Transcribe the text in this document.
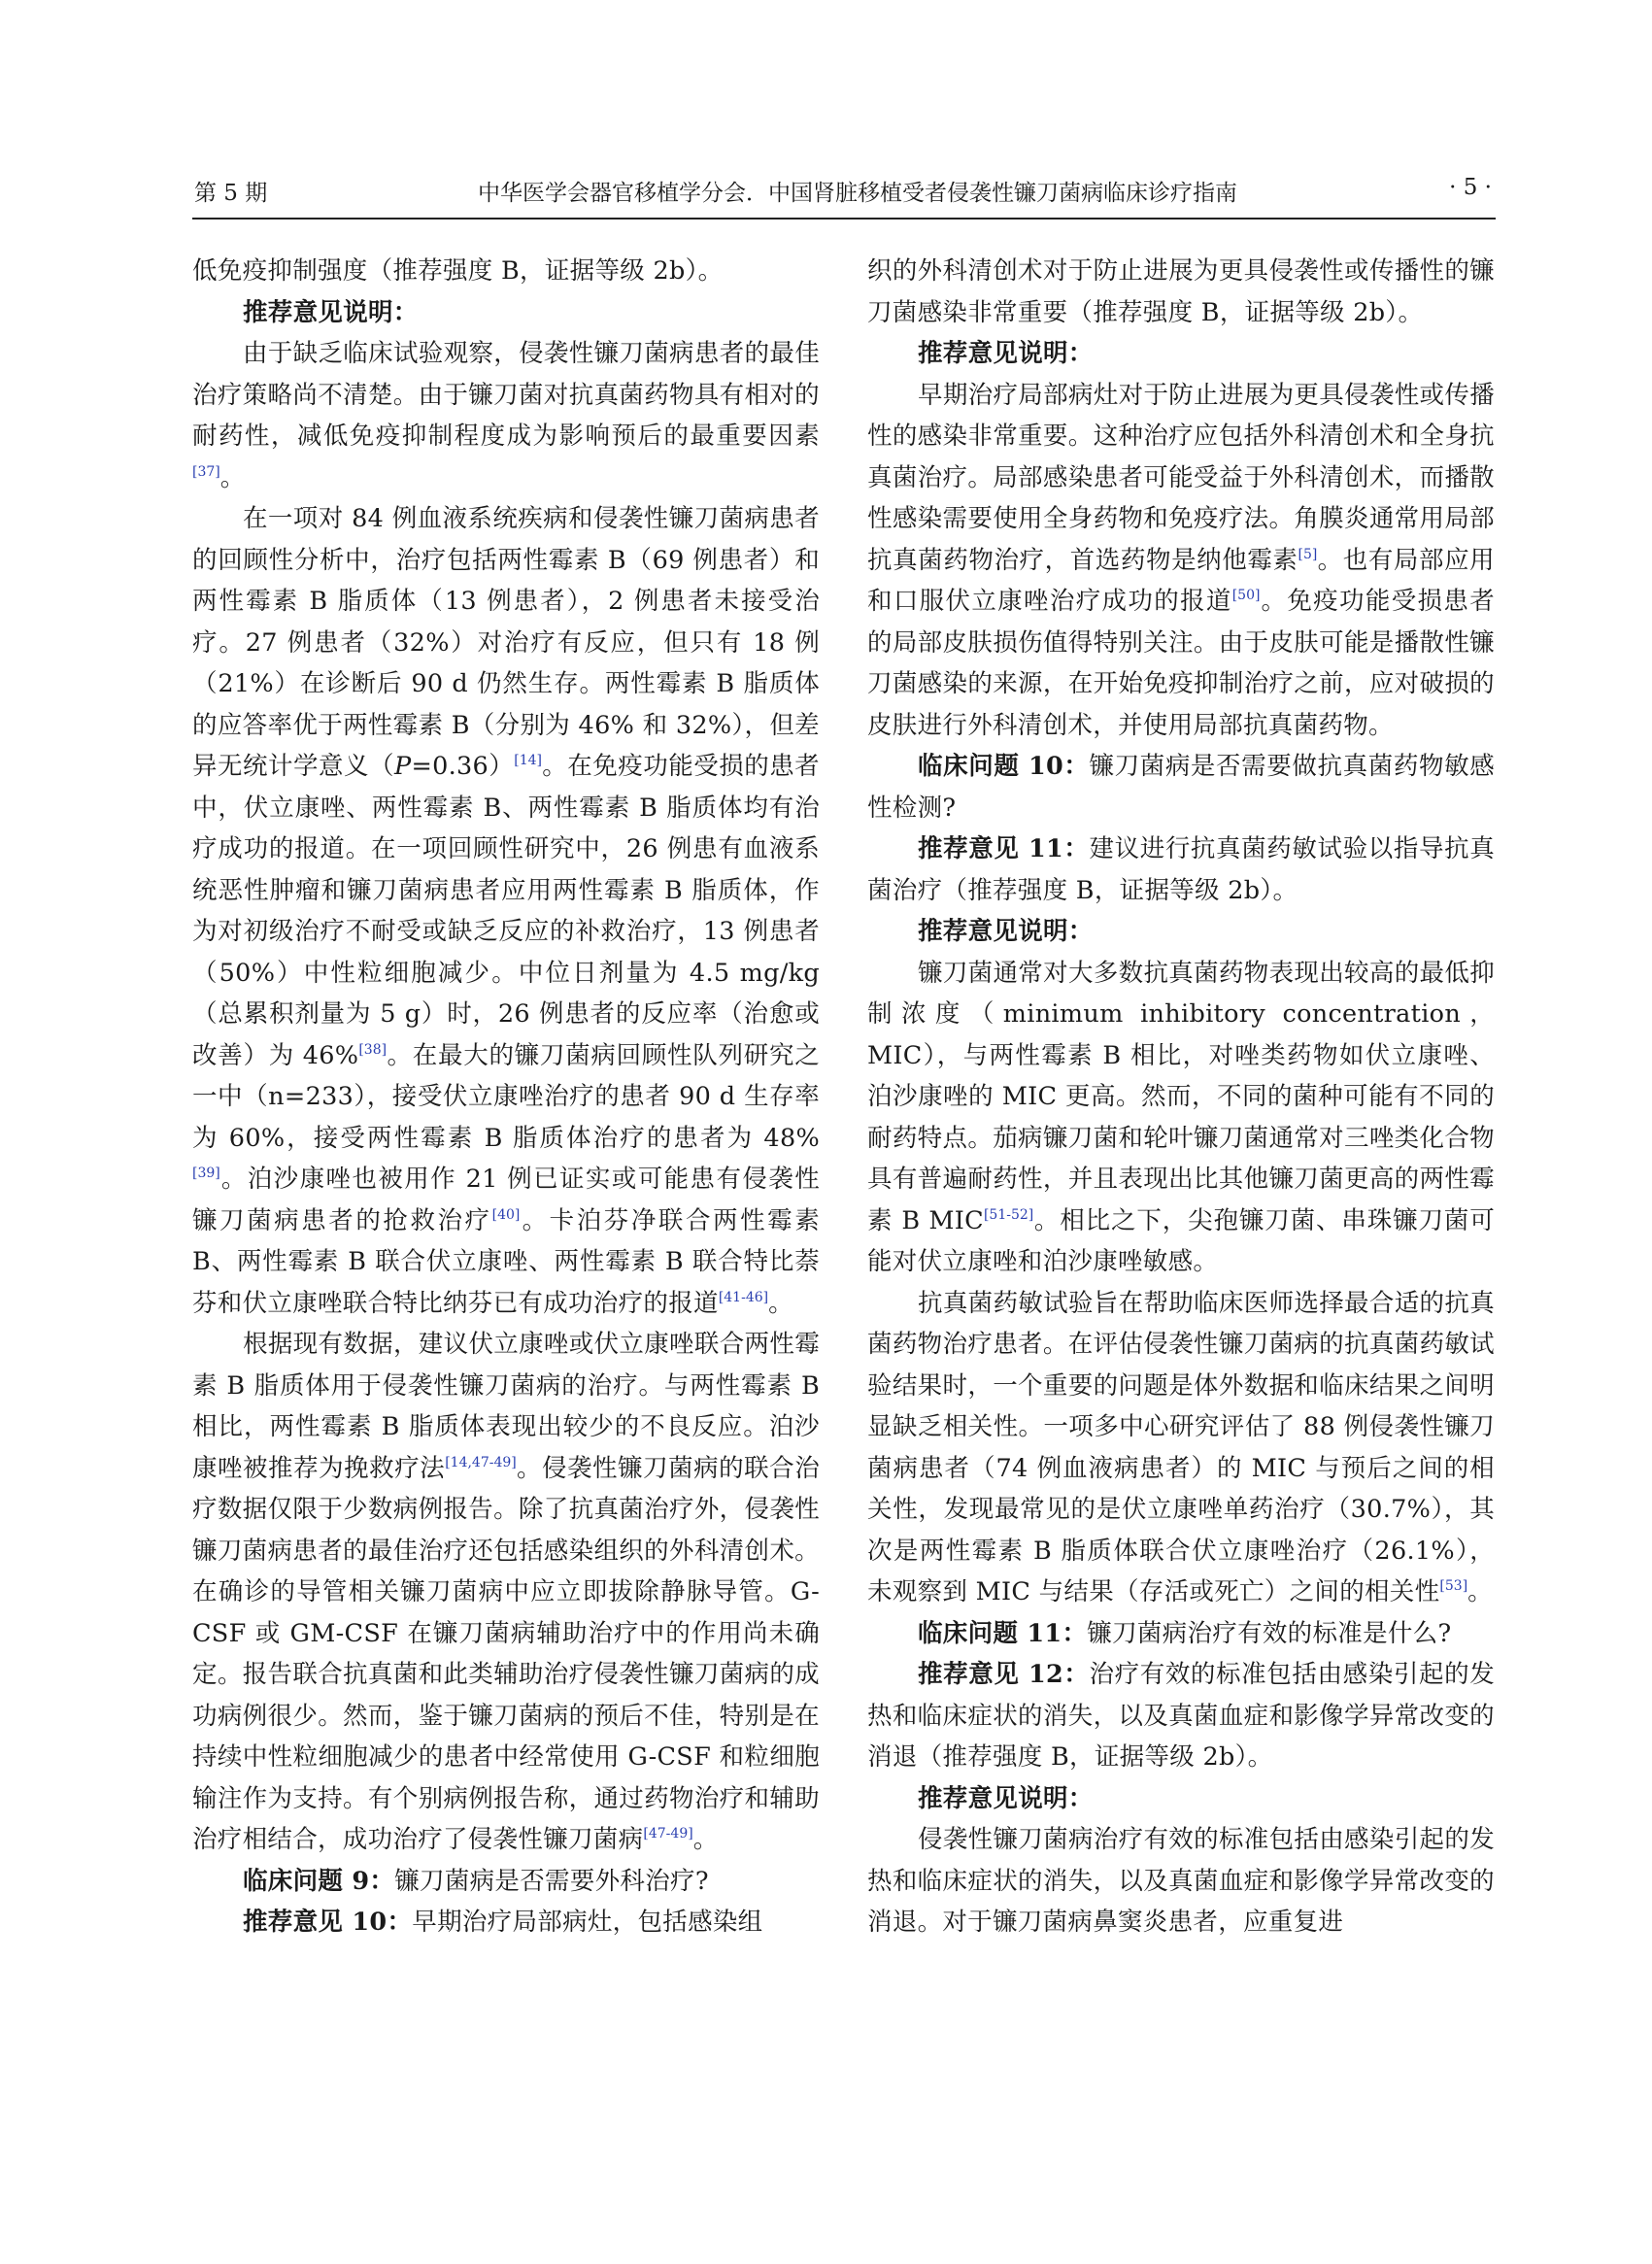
第 5 期	中华医学会器官移植学分会．中国肾脏移植受者侵袭性镰刀菌病临床诊疗指南	· 5 ·

低免疫抑制强度（推荐强度 B，证据等级 2b）。

推荐意见说明：

由于缺乏临床试验观察，侵袭性镰刀菌病患者的最佳治疗策略尚不清楚。由于镰刀菌对抗真菌药物具有相对的耐药性，减低免疫抑制程度成为影响预后的最重要因素[37]。

在一项对 84 例血液系统疾病和侵袭性镰刀菌病患者的回顾性分析中，治疗包括两性霉素 B（69 例患者）和两性霉素 B 脂质体（13 例患者），2 例患者未接受治疗。27 例患者（32%）对治疗有反应，但只有 18 例（21%）在诊断后 90 d 仍然生存。两性霉素 B 脂质体的应答率优于两性霉素 B（分别为 46% 和 32%），但差异无统计学意义（P=0.36）[14]。在免疫功能受损的患者中，伏立康唑、两性霉素 B、两性霉素 B 脂质体均有治疗成功的报道。在一项回顾性研究中，26 例患有血液系统恶性肿瘤和镰刀菌病患者应用两性霉素 B 脂质体，作为对初级治疗不耐受或缺乏反应的补救治疗，13 例患者（50%）中性粒细胞减少。中位日剂量为 4.5 mg/kg（总累积剂量为 5 g）时，26 例患者的反应率（治愈或改善）为 46%[38]。在最大的镰刀菌病回顾性队列研究之一中（n=233），接受伏立康唑治疗的患者 90 d 生存率为 60%，接受两性霉素 B 脂质体治疗的患者为 48%[39]。泊沙康唑也被用作 21 例已证实或可能患有侵袭性镰刀菌病患者的抢救治疗[40]。卡泊芬净联合两性霉素 B、两性霉素 B 联合伏立康唑、两性霉素 B 联合特比萘芬和伏立康唑联合特比纳芬已有成功治疗的报道[41-46]。

根据现有数据，建议伏立康唑或伏立康唑联合两性霉素 B 脂质体用于侵袭性镰刀菌病的治疗。与两性霉素 B 相比，两性霉素 B 脂质体表现出较少的不良反应。泊沙康唑被推荐为挽救疗法[14,47-49]。侵袭性镰刀菌病的联合治疗数据仅限于少数病例报告。除了抗真菌治疗外，侵袭性镰刀菌病患者的最佳治疗还包括感染组织的外科清创术。在确诊的导管相关镰刀菌病中应立即拔除静脉导管。G-CSF 或 GM-CSF 在镰刀菌病辅助治疗中的作用尚未确定。报告联合抗真菌和此类辅助治疗侵袭性镰刀菌病的成功病例很少。然而，鉴于镰刀菌病的预后不佳，特别是在持续中性粒细胞减少的患者中经常使用 G-CSF 和粒细胞输注作为支持。有个别病例报告称，通过药物治疗和辅助治疗相结合，成功治疗了侵袭性镰刀菌病[47-49]。

临床问题 9：镰刀菌病是否需要外科治疗?

推荐意见 10：早期治疗局部病灶，包括感染组

织的外科清创术对于防止进展为更具侵袭性或传播性的镰刀菌感染非常重要（推荐强度 B，证据等级 2b）。

推荐意见说明：

早期治疗局部病灶对于防止进展为更具侵袭性或传播性的感染非常重要。这种治疗应包括外科清创术和全身抗真菌治疗。局部感染患者可能受益于外科清创术，而播散性感染需要使用全身药物和免疫疗法。角膜炎通常用局部抗真菌药物治疗，首选药物是纳他霉素[5]。也有局部应用和口服伏立康唑治疗成功的报道[50]。免疫功能受损患者的局部皮肤损伤值得特别关注。由于皮肤可能是播散性镰刀菌感染的来源，在开始免疫抑制治疗之前，应对破损的皮肤进行外科清创术，并使用局部抗真菌药物。

临床问题 10：镰刀菌病是否需要做抗真菌药物敏感性检测?

推荐意见 11：建议进行抗真菌药敏试验以指导抗真菌治疗（推荐强度 B，证据等级 2b）。

推荐意见说明：

镰刀菌通常对大多数抗真菌药物表现出较高的最低抑制浓度（minimum inhibitory concentration，MIC），与两性霉素 B 相比，对唑类药物如伏立康唑、泊沙康唑的 MIC 更高。然而，不同的菌种可能有不同的耐药特点。茄病镰刀菌和轮叶镰刀菌通常对三唑类化合物具有普遍耐药性，并且表现出比其他镰刀菌更高的两性霉素 B MIC[51-52]。相比之下，尖孢镰刀菌、串珠镰刀菌可能对伏立康唑和泊沙康唑敏感。

抗真菌药敏试验旨在帮助临床医师选择最合适的抗真菌药物治疗患者。在评估侵袭性镰刀菌病的抗真菌药敏试验结果时，一个重要的问题是体外数据和临床结果之间明显缺乏相关性。一项多中心研究评估了 88 例侵袭性镰刀菌病患者（74 例血液病患者）的 MIC 与预后之间的相关性，发现最常见的是伏立康唑单药治疗（30.7%），其次是两性霉素 B 脂质体联合伏立康唑治疗（26.1%），未观察到 MIC 与结果（存活或死亡）之间的相关性[53]。

临床问题 11：镰刀菌病治疗有效的标准是什么?

推荐意见 12：治疗有效的标准包括由感染引起的发热和临床症状的消失，以及真菌血症和影像学异常改变的消退（推荐强度 B，证据等级 2b）。

推荐意见说明：

侵袭性镰刀菌病治疗有效的标准包括由感染引起的发热和临床症状的消失，以及真菌血症和影像学异常改变的消退。对于镰刀菌病鼻窦炎患者，应重复进
